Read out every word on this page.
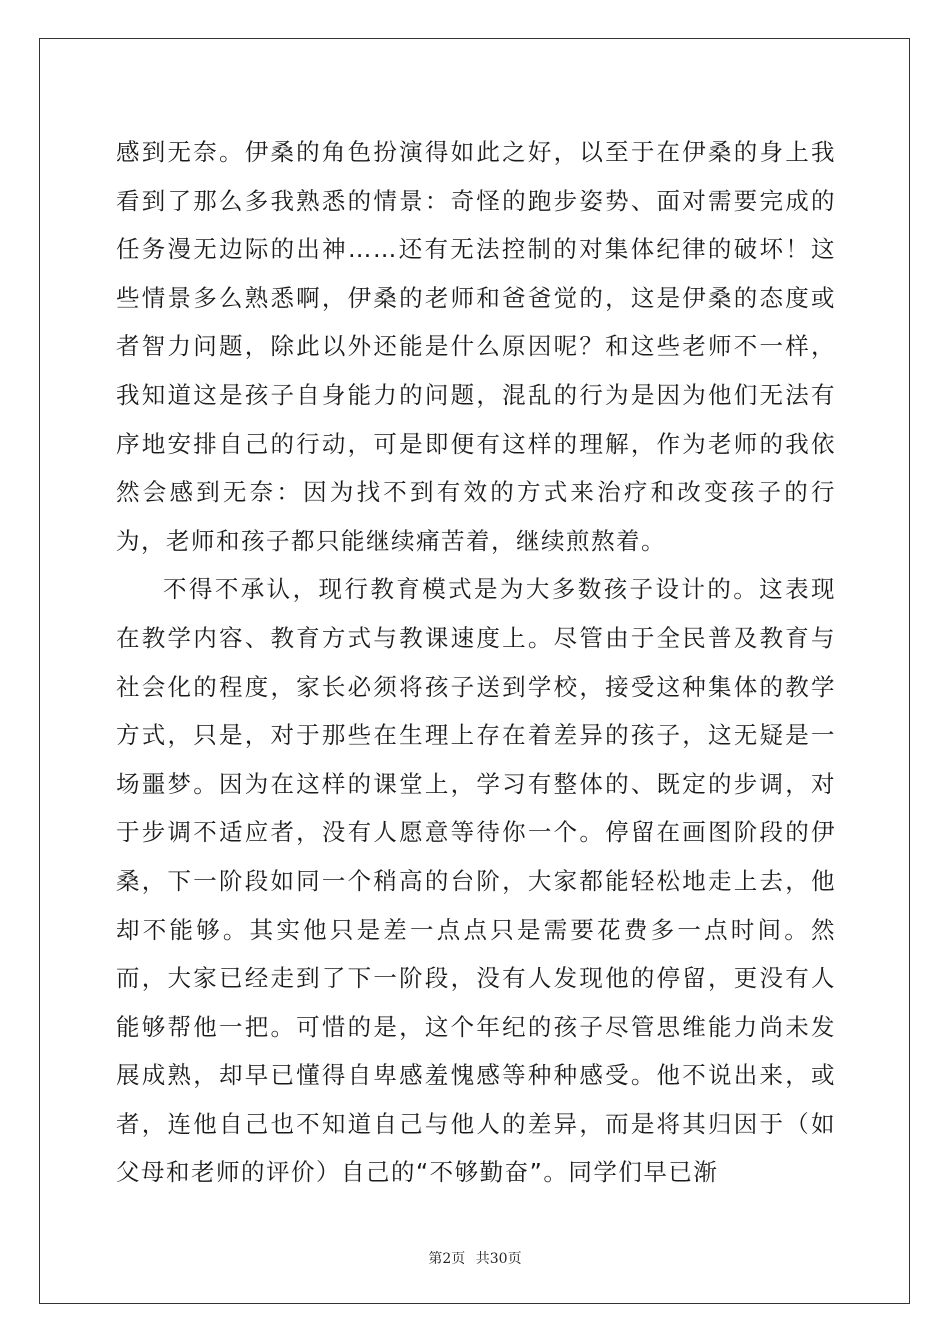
感到无奈。伊桑的角色扮演得如此之好，以至于在伊桑的身上我看到了那么多我熟悉的情景：奇怪的跑步姿势、面对需要完成的任务漫无边际的出神……还有无法控制的对集体纪律的破坏！这些情景多么熟悉啊，伊桑的老师和爸爸觉的，这是伊桑的态度或者智力问题，除此以外还能是什么原因呢？和这些老师不一样，我知道这是孩子自身能力的问题，混乱的行为是因为他们无法有序地安排自己的行动，可是即便有这样的理解，作为老师的我依然会感到无奈：因为找不到有效的方式来治疗和改变孩子的行为，老师和孩子都只能继续痛苦着，继续煎熬着。

不得不承认，现行教育模式是为大多数孩子设计的。这表现在教学内容、教育方式与教课速度上。尽管由于全民普及教育与社会化的程度，家长必须将孩子送到学校，接受这种集体的教学方式，只是，对于那些在生理上存在着差异的孩子，这无疑是一场噩梦。因为在这样的课堂上，学习有整体的、既定的步调，对于步调不适应者，没有人愿意等待你一个。停留在画图阶段的伊桑，下一阶段如同一个稍高的台阶，大家都能轻松地走上去，他却不能够。其实他只是差一点点只是需要花费多一点时间。然而，大家已经走到了下一阶段，没有人发现他的停留，更没有人能够帮他一把。可惜的是，这个年纪的孩子尽管思维能力尚未发展成熟，却早已懂得自卑感羞愧感等种种感受。他不说出来，或者，连他自己也不知道自己与他人的差异，而是将其归因于（如父母和老师的评价）自己的“不够勤奋”。同学们早已渐

第2页 共30页
